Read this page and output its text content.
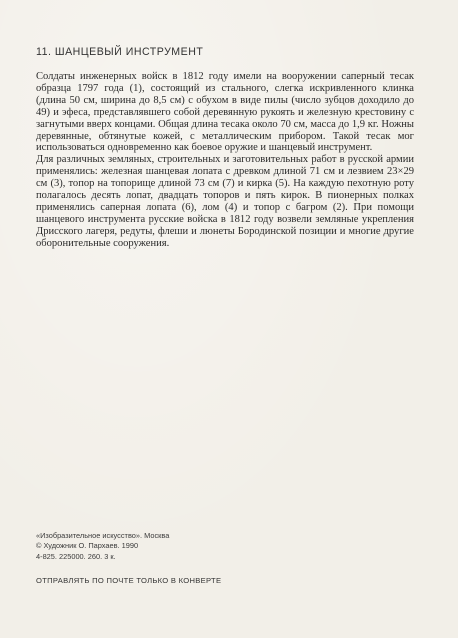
11. ШАНЦЕВЫЙ ИНСТРУМЕНТ

Солдаты инженерных войск в 1812 году имели на вооружении саперный тесак образца 1797 года (1), состоящий из стального, слегка искривленного клинка (длина 50 см, ширина до 8,5 см) с обухом в виде пилы (число зубцов доходило до 49) и эфеса, представлявшего собой деревянную рукоять и железную крестовину с загнутыми вверх концами. Общая длина тесака около 70 см, масса до 1,9 кг. Ножны деревянные, обтянутые кожей, с металлическим прибором. Такой тесак мог использоваться одновременно как боевое оружие и шанцевый инструмент.

Для различных земляных, строительных и заготовительных работ в русской армии применялись: железная шанцевая лопата с древком длиной 71 см и лезвием 23×29 см (3), топор на топорище длиной 73 см (7) и кирка (5). На каждую пехотную роту полагалось десять лопат, двадцать топоров и пять кирок. В пионерных полках применялись саперная лопата (6), лом (4) и топор с багром (2). При помощи шанцевого инструмента русские войска в 1812 году возвели земляные укрепления Дрисского лагеря, редуты, флеши и люнеты Бородинской позиции и многие другие оборонительные сооружения.

«Изобразительное искусство». Москва
© Художник О. Пархаев. 1990
4-825. 225000. 260. 3 к.
ОТПРАВЛЯТЬ ПО ПОЧТЕ ТОЛЬКО В КОНВЕРТЕ
